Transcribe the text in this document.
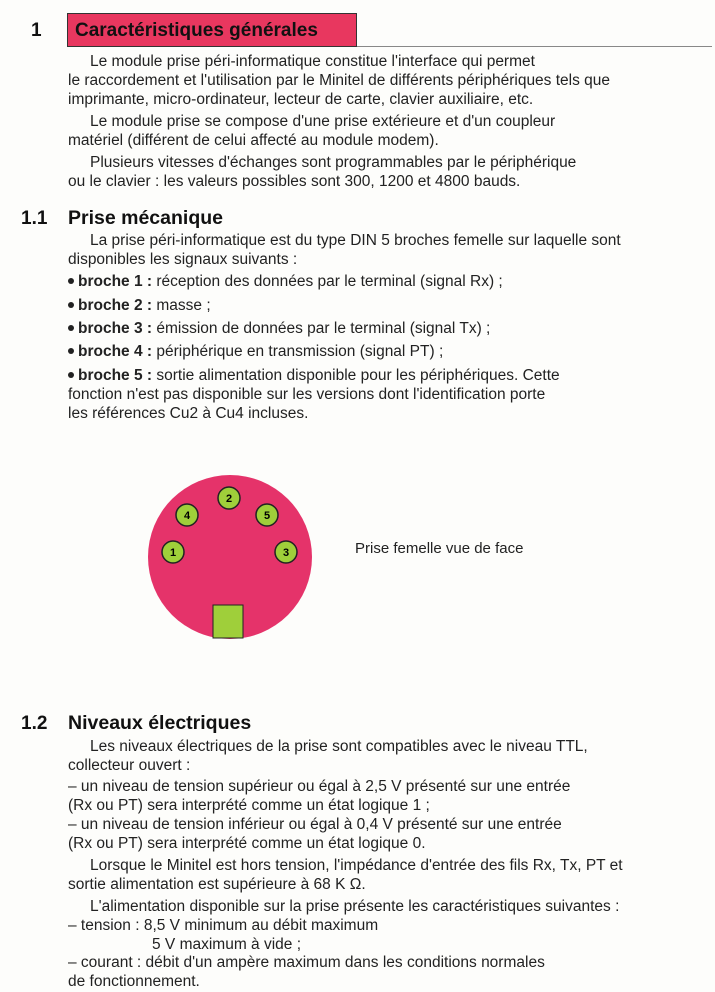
1 Caractéristiques générales

Le module prise péri-informatique constitue l'interface qui permet

le raccordement et l'utilisation par le Minitel de différents périphériques tels que

imprimante, micro-ordinateur, lecteur de carte, clavier auxiliaire, etc.

Le module prise se compose d'une prise extérieure et d'un coupleur

matériel (différent de celui affecté au module modem).

Plusieurs vitesses d'échanges sont programmables par le périphérique

ou le clavier : les valeurs possibles sont 300, 1200 et 4800 bauds.

1.1 Prise mécanique

La prise péri-informatique est du type DIN 5 broches femelle sur laquelle sont

disponibles les signaux suivants :

broche 1 : réception des données par le terminal (signal Rx) ;
broche 2 : masse ;
broche 3 : émission de données par le terminal (signal Tx) ;
broche 4 : périphérique en transmission (signal PT) ;
broche 5 : sortie alimentation disponible pour les périphériques. Cette

fonction n'est pas disponible sur les versions dont l'identification porte

les références Cu2 à Cu4 incluses.

1
2
3
4	5
Prise femelle vue de face
1.2 Niveaux électriques

Les niveaux électriques de la prise sont compatibles avec le niveau TTL,

collecteur ouvert :

– un niveau de tension supérieur ou égal à 2,5 V présenté sur une entrée

(Rx ou PT) sera interprété comme un état logique 1 ;

– un niveau de tension inférieur ou égal à 0,4 V présenté sur une entrée

(Rx ou PT) sera interprété comme un état logique 0.

Lorsque le Minitel est hors tension, l'impédance d'entrée des fils Rx, Tx, PT et

sortie alimentation est supérieure à 68 K Ω.

L'alimentation disponible sur la prise présente les caractéristiques suivantes :

– tension : 8,5 V minimum au débit maximum

5 V maximum à vide ;

– courant : débit d'un ampère maximum dans les conditions normales

de fonctionnement.
